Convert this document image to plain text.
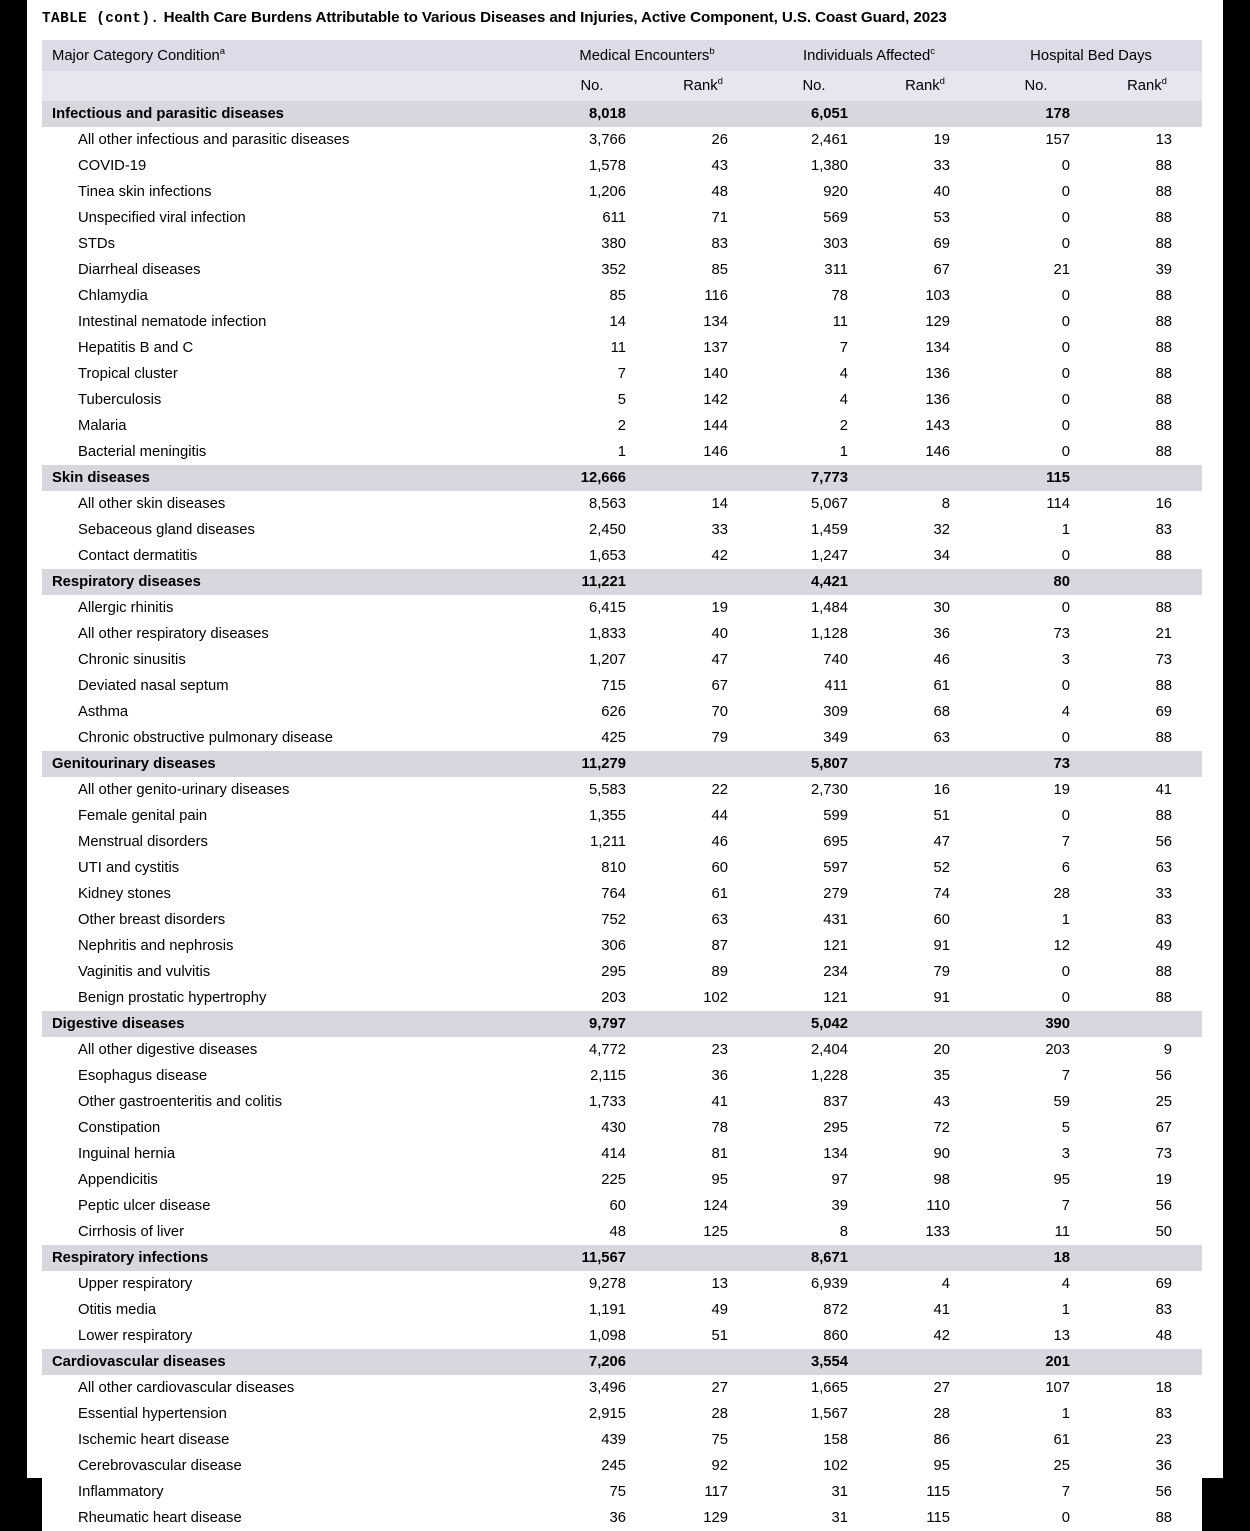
TABLE (cont). Health Care Burdens Attributable to Various Diseases and Injuries, Active Component, U.S. Coast Guard, 2023
Major Category Condition$^a$	Medical Encounters$^b$		Individuals Affected$^c$		Hospital Bed Days	
	No.	Rank$^d$	No.	Rank$^d$	No.	Rank$^d$
Infectious and parasitic diseases	8,018		6,051		178	
All other infectious and parasitic diseases	3,766	26	2,461	19	157	13
COVID-19	1,578	43	1,380	33	0	88
Tinea skin infections	1,206	48	920	40	0	88
Unspecified viral infection	611	71	569	53	0	88
STDs	380	83	303	69	0	88
Diarrheal diseases	352	85	311	67	21	39
Chlamydia	85	116	78	103	0	88
Intestinal nematode infection	14	134	11	129	0	88
Hepatitis B and C	11	137	7	134	0	88
Tropical cluster	7	140	4	136	0	88
Tuberculosis	5	142	4	136	0	88
Malaria	2	144	2	143	0	88
Bacterial meningitis	1	146	1	146	0	88
Skin diseases	12,666		7,773		115	
All other skin diseases	8,563	14	5,067	8	114	16
Sebaceous gland diseases	2,450	33	1,459	32	1	83
Contact dermatitis	1,653	42	1,247	34	0	88
Respiratory diseases	11,221		4,421		80	
Allergic rhinitis	6,415	19	1,484	30	0	88
All other respiratory diseases	1,833	40	1,128	36	73	21
Chronic sinusitis	1,207	47	740	46	3	73
Deviated nasal septum	715	67	411	61	0	88
Asthma	626	70	309	68	4	69
Chronic obstructive pulmonary disease	425	79	349	63	0	88
Genitourinary diseases	11,279		5,807		73	
All other genito-urinary diseases	5,583	22	2,730	16	19	41
Female genital pain	1,355	44	599	51	0	88
Menstrual disorders	1,211	46	695	47	7	56
UTI and cystitis	810	60	597	52	6	63
Kidney stones	764	61	279	74	28	33
Other breast disorders	752	63	431	60	1	83
Nephritis and nephrosis	306	87	121	91	12	49
Vaginitis and vulvitis	295	89	234	79	0	88
Benign prostatic hypertrophy	203	102	121	91	0	88
Digestive diseases	9,797		5,042		390	
All other digestive diseases	4,772	23	2,404	20	203	9
Esophagus disease	2,115	36	1,228	35	7	56
Other gastroenteritis and colitis	1,733	41	837	43	59	25
Constipation	430	78	295	72	5	67
Inguinal hernia	414	81	134	90	3	73
Appendicitis	225	95	97	98	95	19
Peptic ulcer disease	60	124	39	110	7	56
Cirrhosis of liver	48	125	8	133	11	50
Respiratory infections	11,567		8,671		18	
Upper respiratory	9,278	13	6,939	4	4	69
Otitis media	1,191	49	872	41	1	83
Lower respiratory	1,098	51	860	42	13	48
Cardiovascular diseases	7,206		3,554		201	
All other cardiovascular diseases	3,496	27	1,665	27	107	18
Essential hypertension	2,915	28	1,567	28	1	83
Ischemic heart disease	439	75	158	86	61	23
Cerebrovascular disease	245	92	102	95	25	36
Inflammatory	75	117	31	115	7	56
Rheumatic heart disease	36	129	31	115	0	88
